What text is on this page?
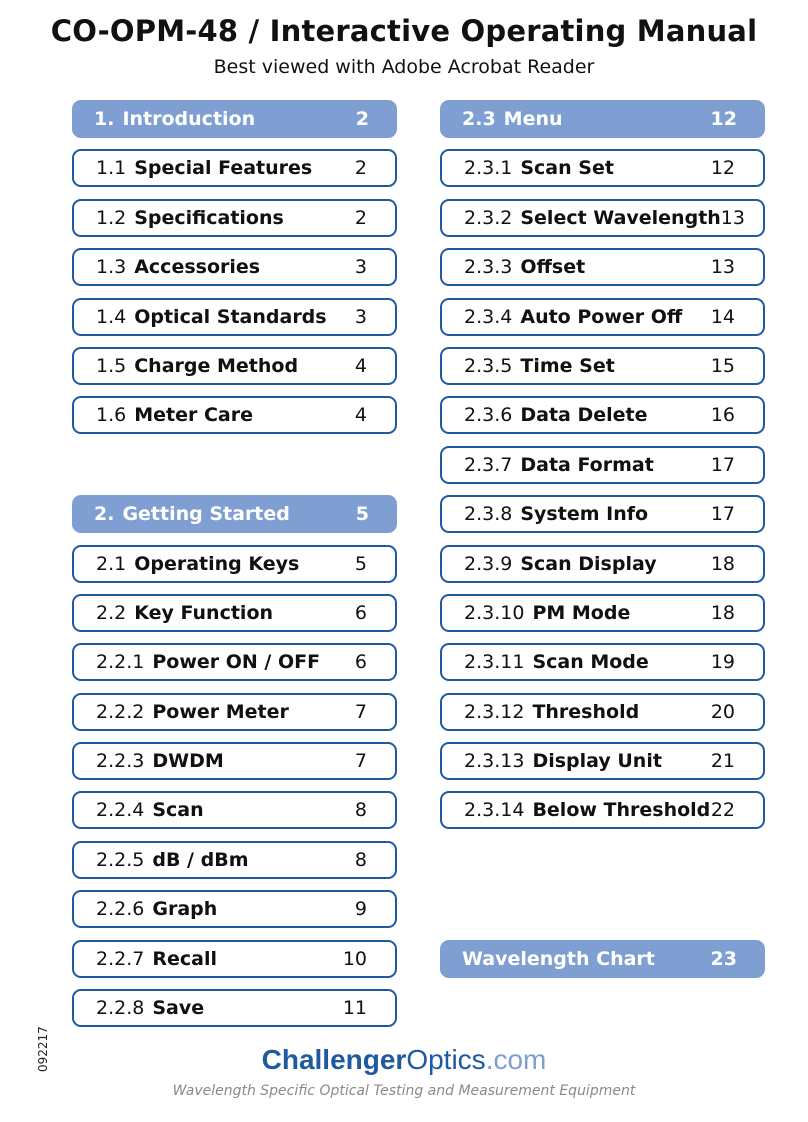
CO-OPM-48 / Interactive Operating Manual
Best viewed with Adobe Acrobat Reader
1. Introduction	2
1.1 Special Features 2
1.2 Specifications	2
1.3 Accessories	3
1.4 Optical Standards 3
1.5 Charge Method	4
1.6 Meter Care	4
2. Getting Started	5
2.1 Operating Keys	5
2.2 Key Function	6
2.2.1 Power ON / OFF 6
2.2.2 Power Meter	7
2.2.3 DWDM	7
2.2.4 Scan	8
2.2.5 dB / dBm	8
2.2.6 Graph	9
2.2.7 Recall	10
2.2.8 Save	11
2.3 Menu	12
2.3.1 Scan Set	12
2.3.2 Select Wavelength 13
2.3.3 Offset	13
2.3.4 Auto Power Off 14
2.3.5 Time Set	15
2.3.6 Data Delete	16
2.3.7 Data Format	17
2.3.8 System Info	17
2.3.9 Scan Display	18
2.3.10 PM Mode	18
2.3.11 Scan Mode	19
2.3.12 Threshold	20
2.3.13 Display Unit	21
2.3.14 Below Threshold 22
Wavelength Chart	23
092217	ChallengerOptics.com
Wavelength Specific Optical Testing and Measurement Equipment
